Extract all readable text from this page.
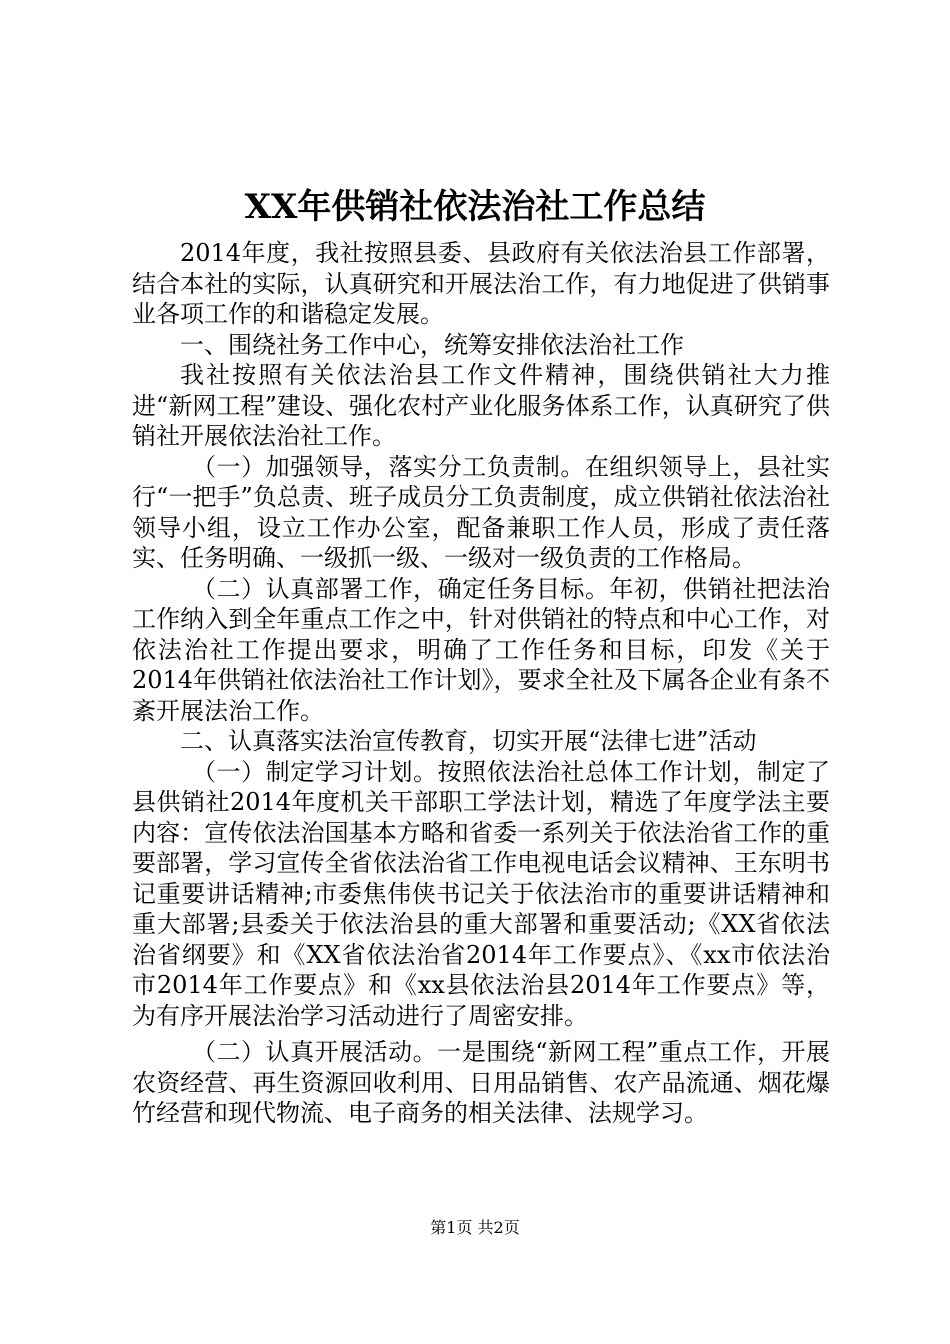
XX年供销社依法治社工作总结

2014年度，我社按照县委、县政府有关依法治县工作部署，结合本社的实际，认真研究和开展法治工作，有力地促进了供销事业各项工作的和谐稳定发展。

一、围绕社务工作中心，统筹安排依法治社工作

我社按照有关依法治县工作文件精神，围绕供销社大力推进“新网工程”建设、强化农村产业化服务体系工作，认真研究了供销社开展依法治社工作。

（一）加强领导，落实分工负责制。在组织领导上，县社实行“一把手”负总责、班子成员分工负责制度，成立供销社依法治社领导小组，设立工作办公室，配备兼职工作人员，形成了责任落实、任务明确、一级抓一级、一级对一级负责的工作格局。

（二）认真部署工作，确定任务目标。年初，供销社把法治工作纳入到全年重点工作之中，针对供销社的特点和中心工作，对依法治社工作提出要求，明确了工作任务和目标，印发《关于2014年供销社依法治社工作计划》，要求全社及下属各企业有条不紊开展法治工作。

二、认真落实法治宣传教育，切实开展“法律七进”活动

（一）制定学习计划。按照依法治社总体工作计划，制定了县供销社2014年度机关干部职工学法计划，精选了年度学法主要内容：宣传依法治国基本方略和省委一系列关于依法治省工作的重要部署，学习宣传全省依法治省工作电视电话会议精神、王东明书记重要讲话精神;市委焦伟侠书记关于依法治市的重要讲话精神和重大部署;县委关于依法治县的重大部署和重要活动;《XX省依法治省纲要》和《XX省依法治省2014年工作要点》、《xx市依法治市2014年工作要点》和《xx县依法治县2014年工作要点》等，为有序开展法治学习活动进行了周密安排。

（二）认真开展活动。一是围绕“新网工程”重点工作，开展农资经营、再生资源回收利用、日用品销售、农产品流通、烟花爆竹经营和现代物流、电子商务的相关法律、法规学习。

第1页 共2页
